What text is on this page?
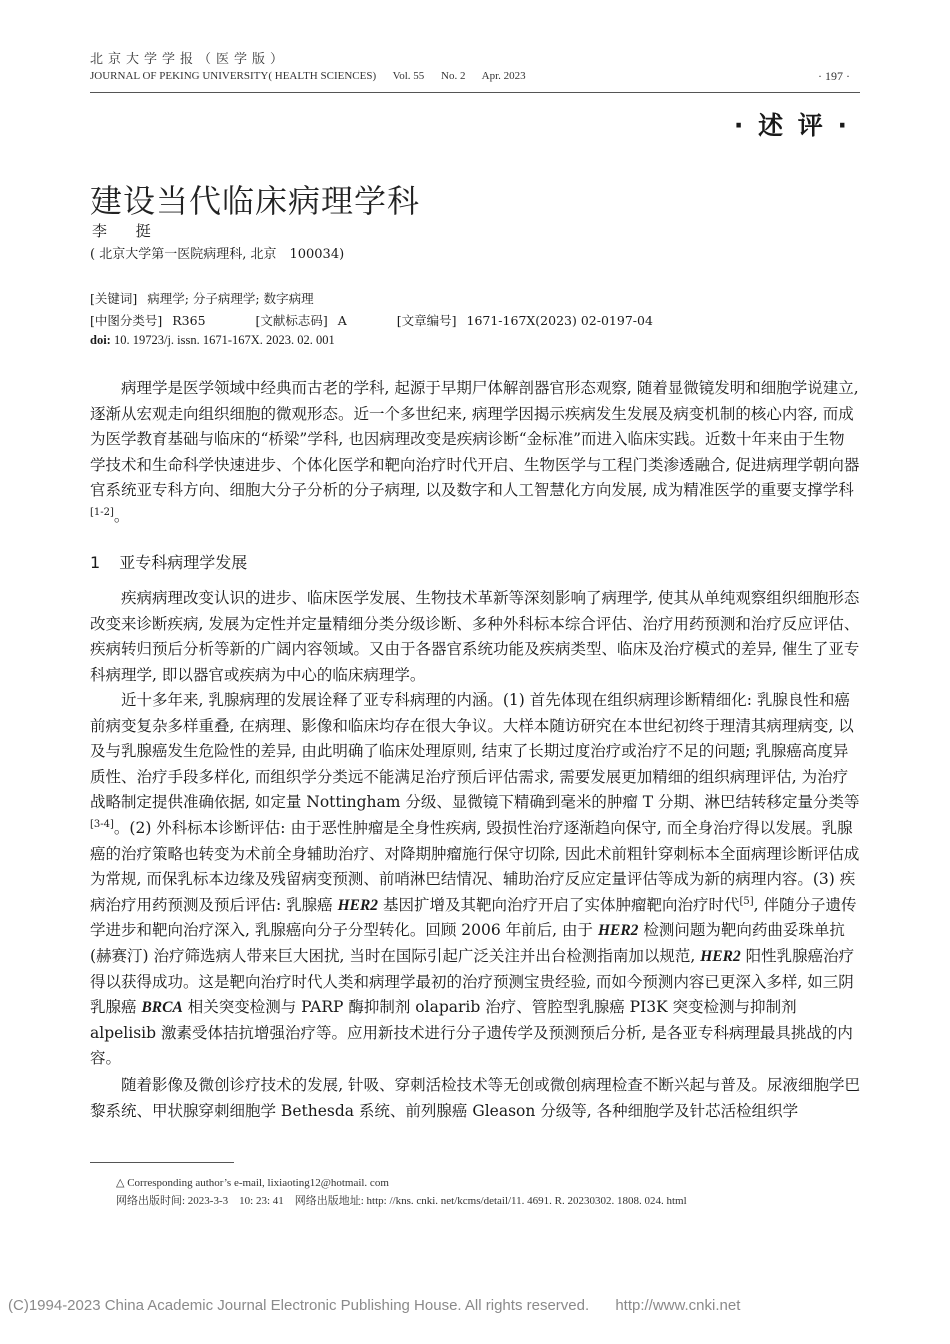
北京大学学报（医学版）
JOURNAL OF PEKING UNIVERSITY( HEALTH SCIENCES) Vol. 55 No. 2 Apr. 2023	· 197 ·
· 述 评 ·
建设当代临床病理学科
李 挺
( 北京大学第一医院病理科, 北京　100034)
[关键词] 病理学; 分子病理学; 数字病理
[中图分类号] R365	[文献标志码] A	[文章编号] 1671-167X(2023) 02-0197-04
doi: 10. 19723/j. issn. 1671-167X. 2023. 02. 001

病理学是医学领域中经典而古老的学科, 起源于早期尸体解剖器官形态观察, 随着显微镜发明和细胞学说建立, 逐渐从宏观走向组织细胞的微观形态。近一个多世纪来, 病理学因揭示疾病发生发展及病变机制的核心内容, 而成为医学教育基础与临床的“桥梁”学科, 也因病理改变是疾病诊断“金标准”而进入临床实践。近数十年来由于生物学技术和生命科学快速进步、个体化医学和靶向治疗时代开启、生物医学与工程门类渗透融合, 促进病理学朝向器官系统亚专科方向、细胞大分子分析的分子病理, 以及数字和人工智慧化方向发展, 成为精准医学的重要支撑学科[1-2]。

1 亚专科病理学发展

疾病病理改变认识的进步、临床医学发展、生物技术革新等深刻影响了病理学, 使其从单纯观察组织细胞形态改变来诊断疾病, 发展为定性并定量精细分类分级诊断、多种外科标本综合评估、治疗用药预测和治疗反应评估、疾病转归预后分析等新的广阔内容领域。又由于各器官系统功能及疾病类型、临床及治疗模式的差异, 催生了亚专科病理学, 即以器官或疾病为中心的临床病理学。

近十多年来, 乳腺病理的发展诠释了亚专科病理的内涵。(1) 首先体现在组织病理诊断精细化: 乳腺良性和癌前病变复杂多样重叠, 在病理、影像和临床均存在很大争议。大样本随访研究在本世纪初终于理清其病理病变, 以及与乳腺癌发生危险性的差异, 由此明确了临床处理原则, 结束了长期过度治疗或治疗不足的问题; 乳腺癌高度异质性、治疗手段多样化, 而组织学分类远不能满足治疗预后评估需求, 需要发展更加精细的组织病理评估, 为治疗战略制定提供准确依据, 如定量 Nottingham 分级、显微镜下精确到毫米的肿瘤 T 分期、淋巴结转移定量分类等[3-4]。(2) 外科标本诊断评估: 由于恶性肿瘤是全身性疾病, 毁损性治疗逐渐趋向保守, 而全身治疗得以发展。乳腺癌的治疗策略也转变为术前全身辅助治疗、对降期肿瘤施行保守切除, 因此术前粗针穿刺标本全面病理诊断评估成为常规, 而保乳标本边缘及残留病变预测、前哨淋巴结情况、辅助治疗反应定量评估等成为新的病理内容。(3) 疾病治疗用药预测及预后评估: 乳腺癌 HER2 基因扩增及其靶向治疗开启了实体肿瘤靶向治疗时代[5], 伴随分子遗传学进步和靶向治疗深入, 乳腺癌向分子分型转化。回顾 2006 年前后, 由于 HER2 检测问题为靶向药曲妥珠单抗(赫赛汀) 治疗筛选病人带来巨大困扰, 当时在国际引起广泛关注并出台检测指南加以规范, HER2 阳性乳腺癌治疗得以获得成功。这是靶向治疗时代人类和病理学最初的治疗预测宝贵经验, 而如今预测内容已更深入多样, 如三阴乳腺癌 BRCA 相关突变检测与 PARP 酶抑制剂 olaparib 治疗、管腔型乳腺癌 PI3K 突变检测与抑制剂 alpelisib 激素受体拮抗增强治疗等。应用新技术进行分子遗传学及预测预后分析, 是各亚专科病理最具挑战的内容。

随着影像及微创诊疗技术的发展, 针吸、穿刺活检技术等无创或微创病理检查不断兴起与普及。尿液细胞学巴黎系统、甲状腺穿刺细胞学 Bethesda 系统、前列腺癌 Gleason 分级等, 各种细胞学及针芯活检组织学

△ Corresponding author’s e-mail, lixiaoting12@hotmail. com
网络出版时间: 2023-3-3　10: 23: 41　网络出版地址: http: //kns. cnki. net/kcms/detail/11. 4691. R. 20230302. 1808. 024. html
(C)1994-2023 China Academic Journal Electronic Publishing House. All rights reserved. http://www.cnki.net
